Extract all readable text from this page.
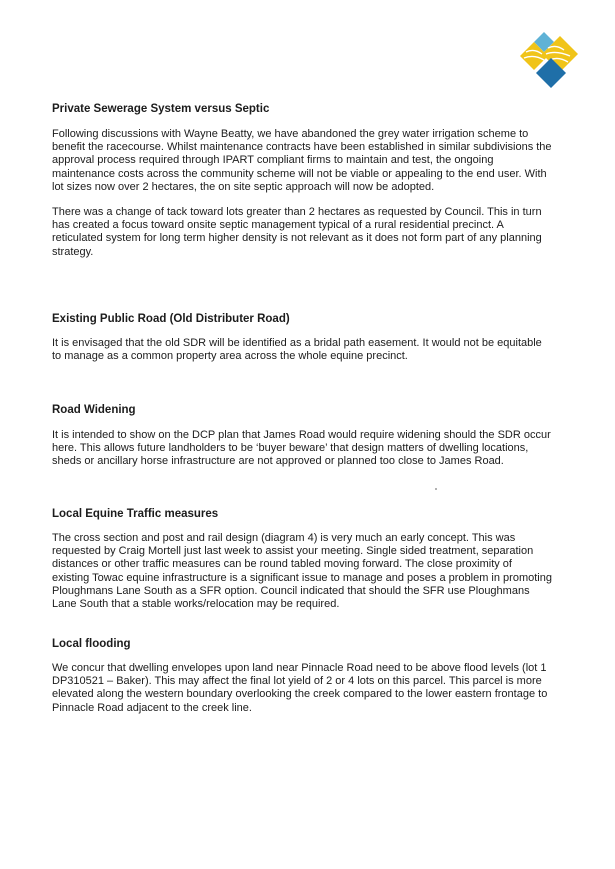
Private Sewerage System versus Septic

Following discussions with Wayne Beatty, we have abandoned the grey water irrigation scheme to benefit the racecourse. Whilst maintenance contracts have been established in similar subdivisions the approval process required through IPART compliant firms to maintain and test, the ongoing maintenance costs across the community scheme will not be viable or appealing to the end user. With lot sizes now over 2 hectares, the on site septic approach will now be adopted.

There was a change of tack toward lots greater than 2 hectares as requested by Council. This in turn has created a focus toward onsite septic management typical of a rural residential precinct. A reticulated system for long term higher density is not relevant as it does not form part of any planning strategy.

Existing Public Road (Old Distributer Road)

It is envisaged that the old SDR will be identified as a bridal path easement. It would not be equitable to manage as a common property area across the whole equine precinct.

Road Widening

It is intended to show on the DCP plan that James Road would require widening should the SDR occur here. This allows future landholders to be ‘buyer beware’ that design matters of dwelling locations, sheds or ancillary horse infrastructure are not approved or planned too close to James Road.

Local Equine Traffic measures

The cross section and post and rail design (diagram 4) is very much an early concept. This was requested by Craig Mortell just last week to assist your meeting. Single sided treatment, separation distances or other traffic measures can be round tabled moving forward. The close proximity of existing Towac equine infrastructure is a significant issue to manage and poses a problem in promoting Ploughmans Lane South as a SFR option. Council indicated that should the SFR use Ploughmans Lane South that a stable works/relocation may be required.

Local flooding

We concur that dwelling envelopes upon land near Pinnacle Road need to be above flood levels (lot 1 DP310521 – Baker). This may affect the final lot yield of 2 or 4 lots on this parcel. This parcel is more elevated along the western boundary overlooking the creek compared to the lower eastern frontage to Pinnacle Road adjacent to the creek line.
